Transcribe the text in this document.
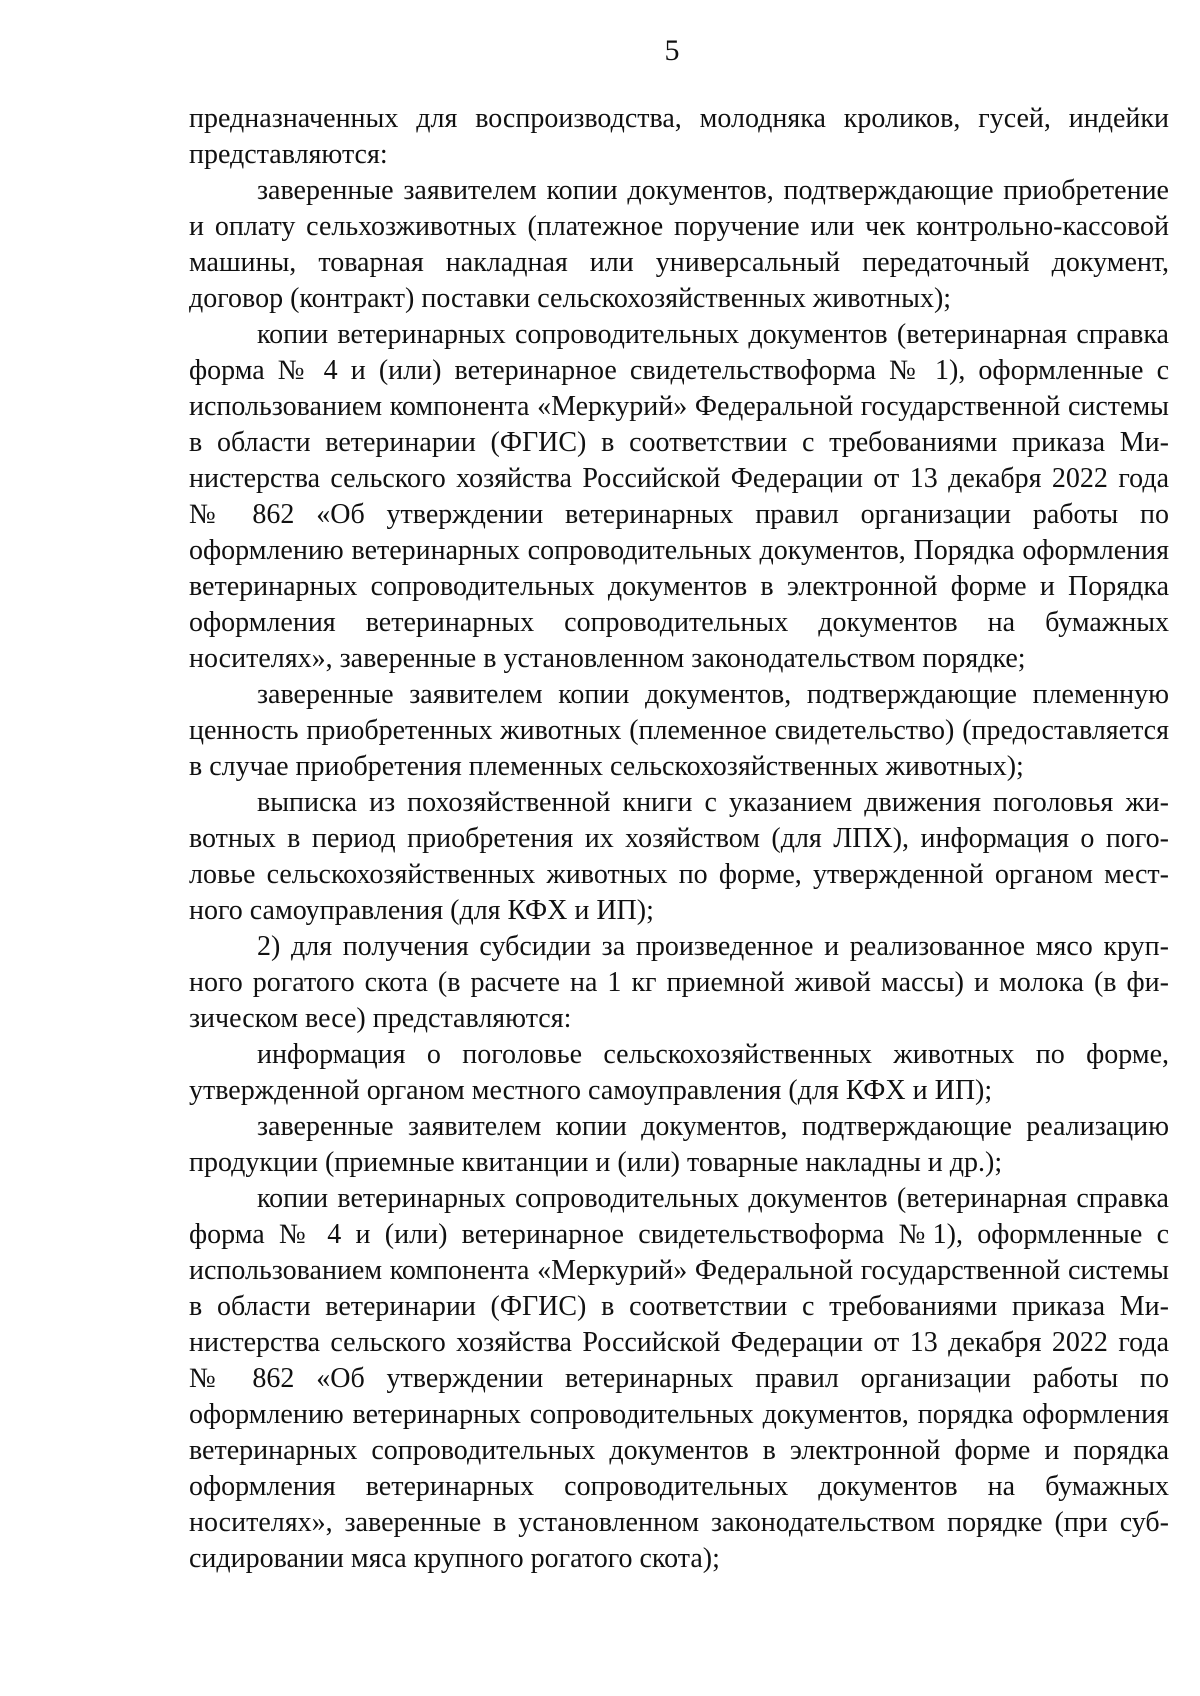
5

предназначенных для воспроизводства, молодняка кроликов, гусей, индейки представляются:

заверенные заявителем копии документов, подтверждающие приобретение и оплату сельхозживотных (платежное поручение или чек контрольно-кассовой машины, товарная накладная или универсальный передаточный документ, договор (контракт) поставки сельскохозяйственных животных);

копии ветеринарных сопроводительных документов (ветеринарная справка форма № 4 и (или) ветеринарное свидетельствоформа № 1), оформленные с использованием компонента «Меркурий» Федеральной государственной системы в области ветеринарии (ФГИС) в соответствии с требованиями приказа Министерства сельского хозяйства Российской Федерации от 13 декабря 2022 года № 862 «Об утверждении ветеринарных правил организации работы по оформлению ветеринарных сопроводительных документов, Порядка оформления ветеринарных сопроводительных документов в электронной форме и Порядка оформления ветеринарных сопроводительных документов на бумажных носителях», заверенные в установленном законодательством порядке;

заверенные заявителем копии документов, подтверждающие племенную ценность приобретенных животных (племенное свидетельство) (предоставляется в случае приобретения племенных сельскохозяйственных животных);

выписка из похозяйственной книги с указанием движения поголовья животных в период приобретения их хозяйством (для ЛПХ), информация о поголовье сельскохозяйственных животных по форме, утвержденной органом местного самоуправления (для КФХ и ИП);

2) для получения субсидии за произведенное и реализованное мясо крупного рогатого скота (в расчете на 1 кг приемной живой массы) и молока (в физическом весе) представляются:

информация о поголовье сельскохозяйственных животных по форме, утвержденной органом местного самоуправления (для КФХ и ИП);

заверенные заявителем копии документов, подтверждающие реализацию продукции (приемные квитанции и (или) товарные накладны и др.);

копии ветеринарных сопроводительных документов (ветеринарная справка форма № 4 и (или) ветеринарное свидетельствоформа №1), оформленные с использованием компонента «Меркурий» Федеральной государственной системы в области ветеринарии (ФГИС) в соответствии с требованиями приказа Министерства сельского хозяйства Российской Федерации от 13 декабря 2022 года № 862 «Об утверждении ветеринарных правил организации работы по оформлению ветеринарных сопроводительных документов, порядка оформления ветеринарных сопроводительных документов в электронной форме и порядка оформления ветеринарных сопроводительных документов на бумажных носителях», заверенные в установленном законодательством порядке (при субсидировании мяса крупного рогатого скота);
